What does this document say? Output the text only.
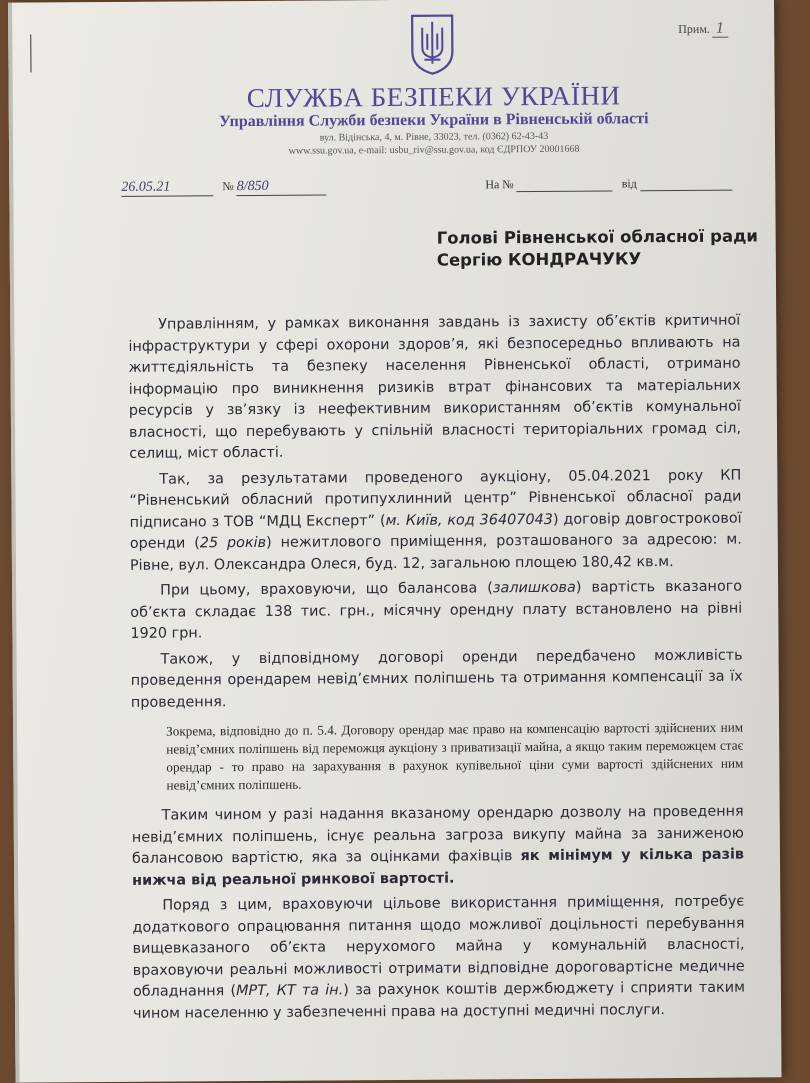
Прим. 1
СЛУЖБА БЕЗПЕКИ УКРАЇНИ
Управління Служби безпеки України в Рівненській області
вул. Відінська, 4, м. Рівне, 33023, тел. (0362) 62-43-43
www.ssu.gov.ua, e-mail: usbu_riv@ssu.gov.ua, код ЄДРПОУ 20001668
26.05.21	№ 8/850	На №	від
Голові Рівненської обласної ради
Сергію КОНДРАЧУКУ

Управлінням, у рамках виконання завдань із захисту об’єктів критичної інфраструктури у сфері охорони здоров’я, які безпосередньо впливають на життєдіяльність та безпеку населення Рівненської області, отримано інформацію про виникнення ризиків втрат фінансових та матеріальних ресурсів у зв’язку із неефективним використанням об’єктів комунальної власності, що перебувають у спільній власності територіальних громад сіл, селищ, міст області.

Так, за результатами проведеного аукціону, 05.04.2021 року КП “Рівненський обласний протипухлинний центр” Рівненської обласної ради підписано з ТОВ “МДЦ Експерт” (м. Київ, код 36407043) договір довгострокової оренди (25 років) нежитлового приміщення, розташованого за адресою: м. Рівне, вул. Олександра Олеся, буд. 12, загальною площею 180,42 кв.м.

При цьому, враховуючи, що балансова (залишкова) вартість вказаного об’єкта складає 138 тис. грн., місячну орендну плату встановлено на рівні 1920 грн.

Також, у відповідному договорі оренди передбачено можливість проведення орендарем невід’ємних поліпшень та отримання компенсації за їх проведення.

Зокрема, відповідно до п. 5.4. Договору орендар має право на компенсацію вартості здійснених ним невід’ємних поліпшень від переможця аукціону з приватизації майна, а якщо таким переможцем стає орендар - то право на зарахування в рахунок купівельної ціни суми вартості здійснених ним невід’ємних поліпшень.

Таким чином у разі надання вказаному орендарю дозволу на проведення невід’ємних поліпшень, існує реальна загроза викупу майна за заниженою балансовою вартістю, яка за оцінками фахівців як мінімум у кілька разів нижча від реальної ринкової вартості.

Поряд з цим, враховуючи цільове використання приміщення, потребує додаткового опрацювання питання щодо можливої доцільності перебування вищевказаного об’єкта нерухомого майна у комунальній власності, враховуючи реальні можливості отримати відповідне дороговартісне медичне обладнання (МРТ, КТ та ін.) за рахунок коштів держбюджету і сприяти таким чином населенню у забезпеченні права на доступні медичні послуги.
